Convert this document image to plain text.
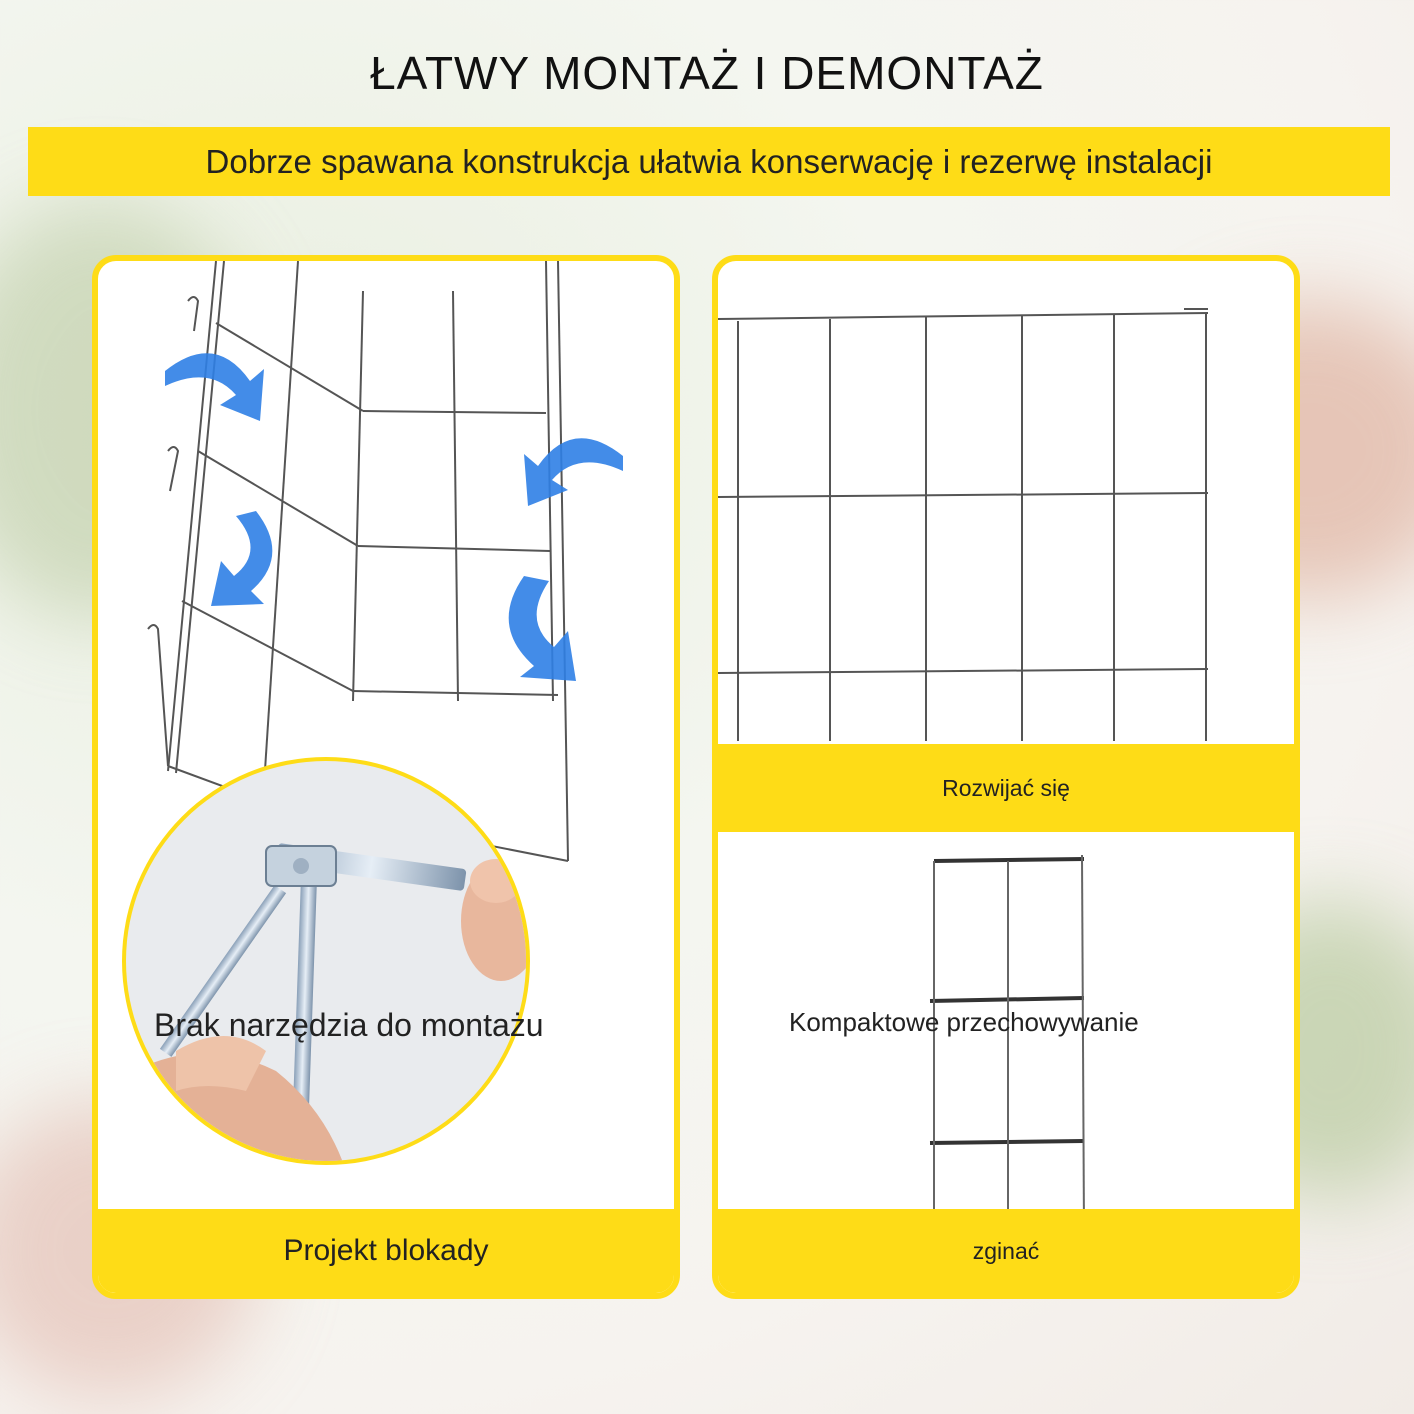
ŁATWY MONTAŻ I DEMONTAŻ
Dobrze spawana konstrukcja ułatwia konserwację i rezerwę instalacji
Projekt blokady
Brak narzędzia do montażu
Rozwijać się
zginać
Kompaktowe przechowywanie
